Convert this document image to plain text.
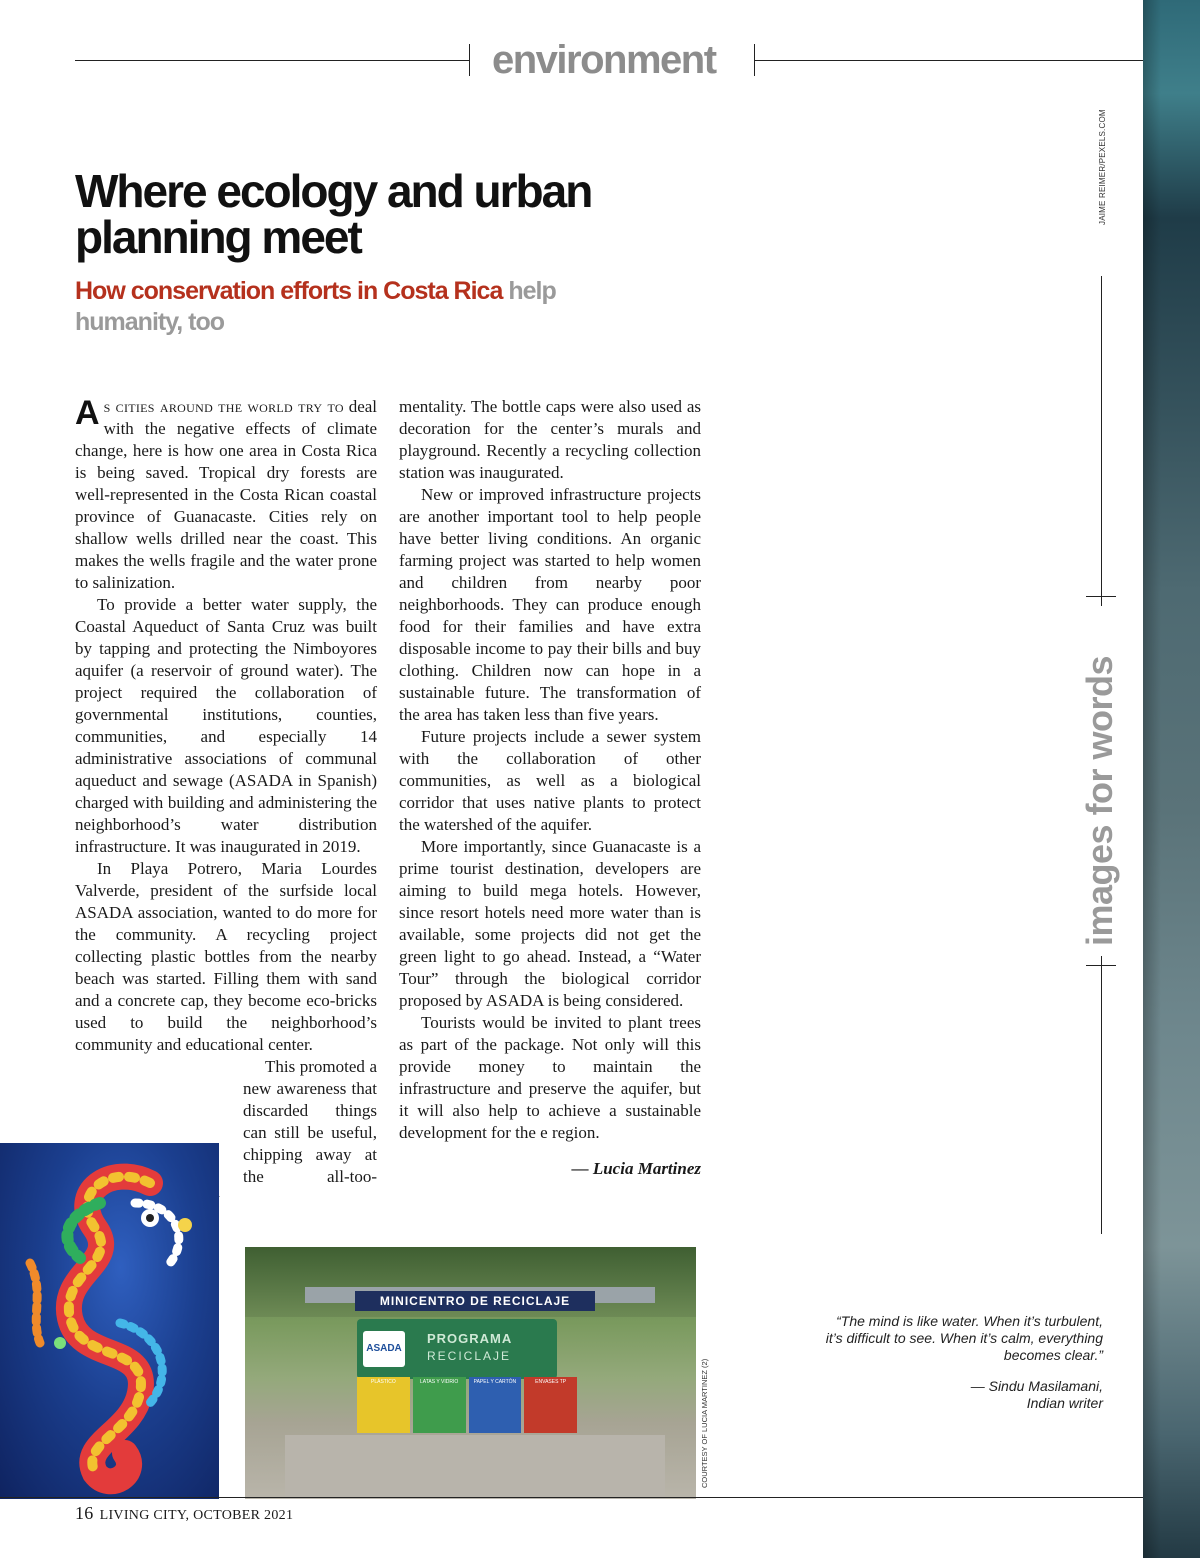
environment
JAIME REIMER/PEXELS.COM
Where ecology and urban planning meet

How conservation efforts in Costa Rica help humanity, too

As cities around the world try to deal with the negative effects of climate change, here is how one area in Costa Rica is being saved. Tropical dry forests are well-represented in the Costa Rican coastal province of Guanacaste. Cities rely on shallow wells drilled near the coast. This makes the wells fragile and the water prone to salinization.

To provide a better water supply, the Coastal Aqueduct of Santa Cruz was built by tapping and protecting the Nimboyores aquifer (a reservoir of ground water). The project required the collaboration of governmental institutions, counties, communities, and especially 14 administrative associations of communal aqueduct and sewage (ASADA in Spanish) charged with building and administering the neighborhood’s water distribution infrastructure. It was inaugurated in 2019.

In Playa Potrero, Maria Lourdes Valverde, president of the surfside local ASADA association, wanted to do more for the community. A recycling project collecting plastic bottles from the nearby beach was started. Filling them with sand and a concrete cap, they become eco-bricks used to build the neighborhood’s community and educational center.

This promoted a new awareness that discarded things can still be useful, chipping away at the all-too-

mentality. The bottle caps were also used as decoration for the center’s murals and playground. Recently a recycling collection station was inaugurated.

New or improved infrastructure projects are another important tool to help people have better living conditions. An organic farming project was started to help women and children from nearby poor neighborhoods. They can produce enough food for their families and have extra disposable income to pay their bills and buy clothing. Children now can hope in a sustainable future. The transformation of the area has taken less than five years.

Future projects include a sewer system with the collaboration of other communities, as well as a biological corridor that uses native plants to protect the watershed of the aquifer.

More importantly, since Guanacaste is a prime tourist destination, developers are aiming to build mega hotels. However, since resort hotels need more water than is available, some projects did not get the green light to go ahead. Instead, a “Water Tour” through the biological corridor proposed by ASADA is being considered.

Tourists would be invited to plant trees as part of the package. Not only will this provide money to maintain the infrastructure and preserve the aquifer, but it will also help to achieve a sustainable development for the e region.

— Lucia Martinez
images for words
“The mind is like water. When it’s turbulent, it’s difficult to see. When it’s calm, everything becomes clear.”
— Sindu Masilamani,
Indian writer
MINICENTRO DE RECICLAJE
ASADA
PROGRAMA
RECICLAJE
PLÁSTICO	LATAS Y VIDRIO	PAPEL Y CARTÓN	ENVASES TP	COURTESY OF LUCIA MARTINEZ (2)
16 LIVING CITY, OCTOBER 2021
